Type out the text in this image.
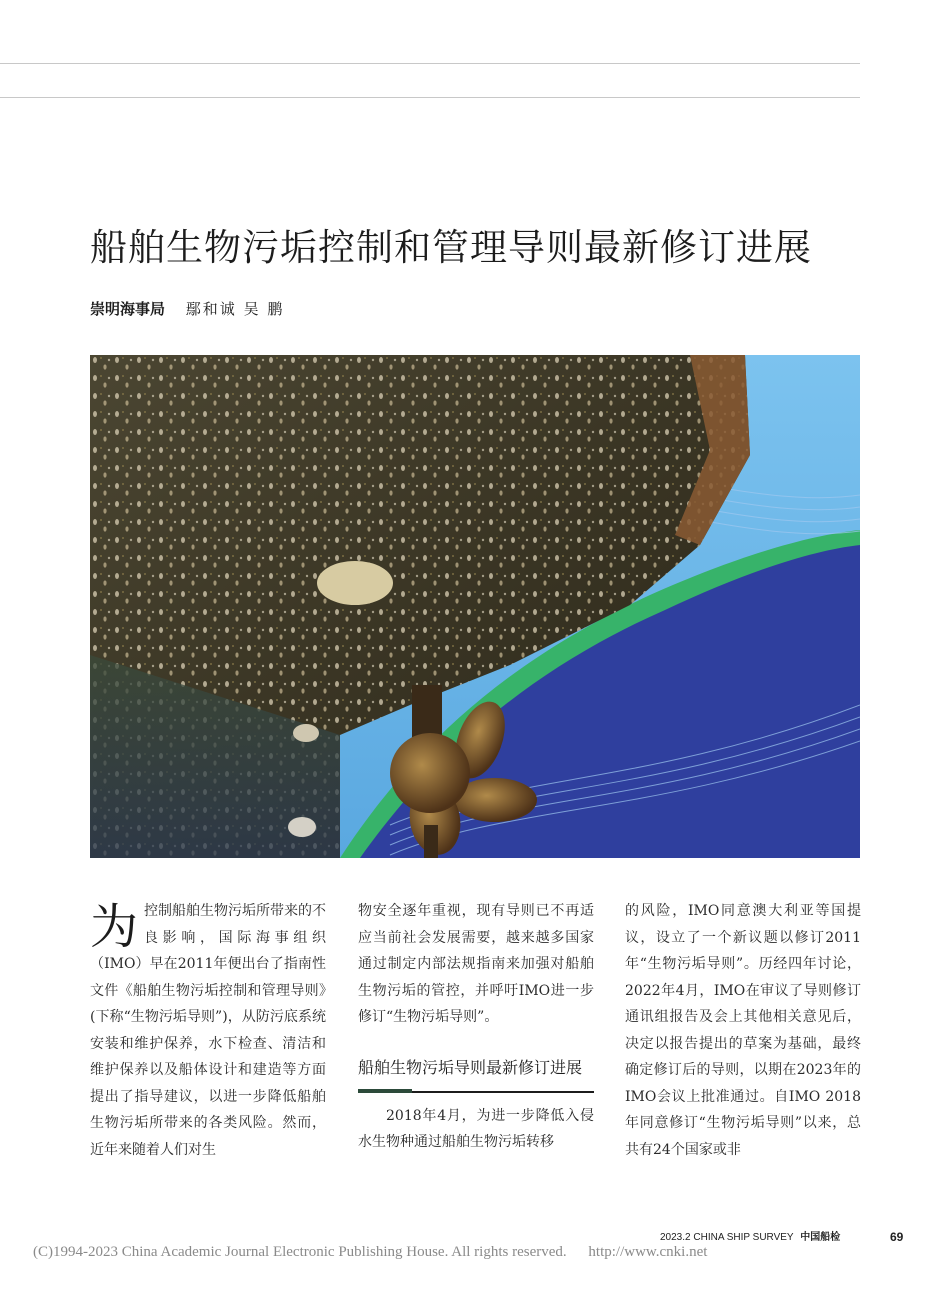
船舶生物污垢控制和管理导则最新修订进展
崇明海事局 鄢和诚 吴 鹏

为 控制船舶生物污垢所带来的不良影响，国际海事组织（IMO）早在2011年便出台了指南性文件《船舶生物污垢控制和管理导则》(下称“生物污垢导则”)，从防污底系统安装和维护保养，水下检查、清洁和维护保养以及船体设计和建造等方面提出了指导建议，以进一步降低船舶生物污垢所带来的各类风险。然而，近年来随着人们对生

物安全逐年重视，现有导则已不再适应当前社会发展需要，越来越多国家通过制定内部法规指南来加强对船舶生物污垢的管控，并呼吁IMO进一步修订“生物污垢导则”。

船舶生物污垢导则最新修订进展

2018年4月，为进一步降低入侵水生物种通过船舶生物污垢转移

的风险，IMO同意澳大利亚等国提议，设立了一个新议题以修订2011年“生物污垢导则”。历经四年讨论，2022年4月，IMO在审议了导则修订通讯组报告及会上其他相关意见后，决定以报告提出的草案为基础，最终确定修订后的导则，以期在2023年的IMO会议上批准通过。自IMO 2018年同意修订“生物污垢导则”以来，总共有24个国家或非

2023.2 CHINA SHIP SURVEY 中国船检	69
(C)1994-2023 China Academic Journal Electronic Publishing House. All rights reserved. http://www.cnki.net
